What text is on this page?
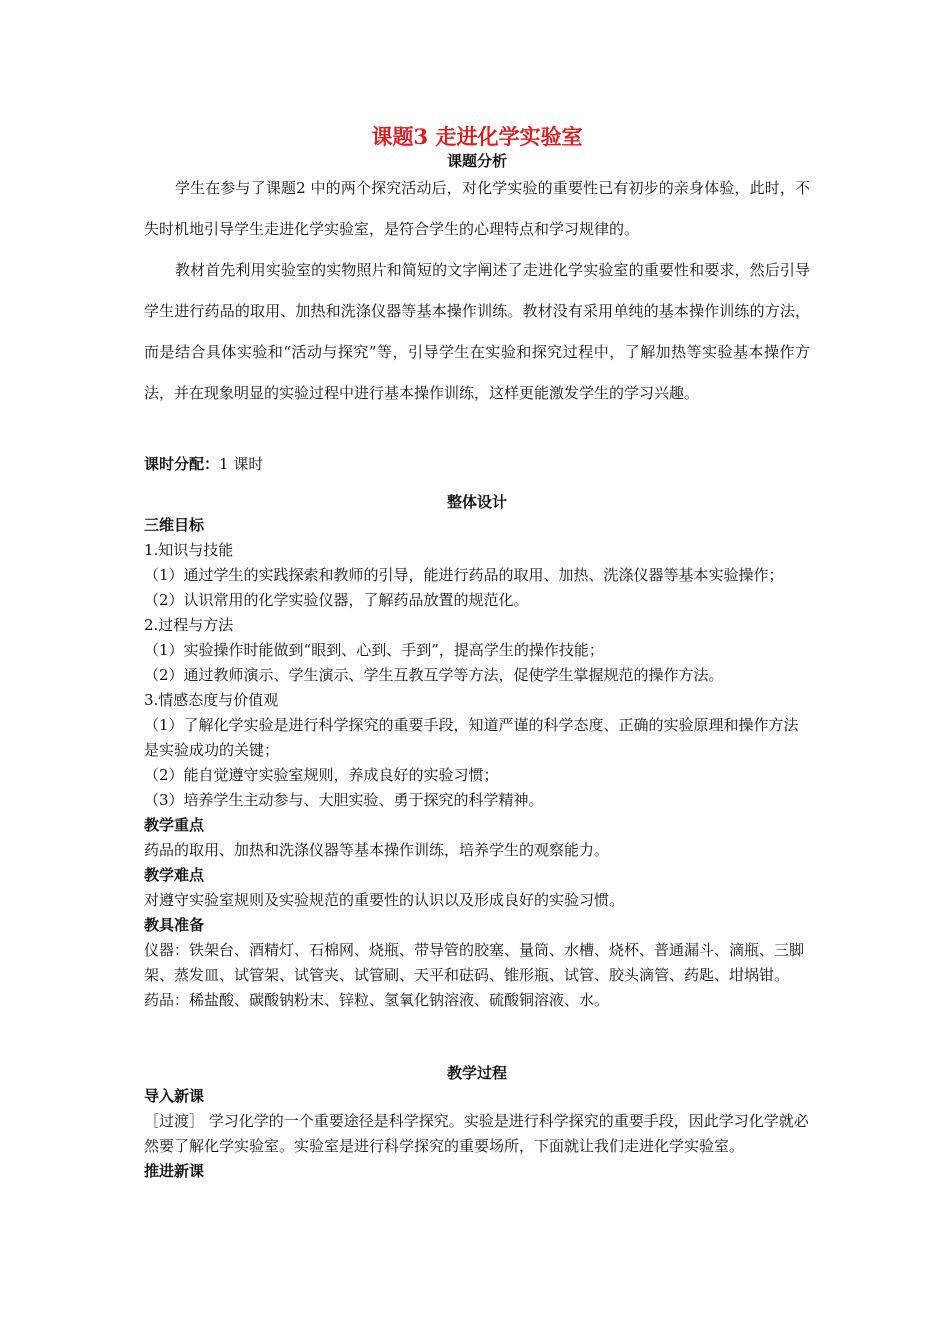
课题3 走进化学实验室
课题分析
学生在参与了课题2 中的两个探究活动后，对化学实验的重要性已有初步的亲身体验，此时，不失时机地引导学生走进化学实验室，是符合学生的心理特点和学习规律的。
教材首先利用实验室的实物照片和简短的文字阐述了走进化学实验室的重要性和要求，然后引导学生进行药品的取用、加热和洗涤仪器等基本操作训练。教材没有采用单纯的基本操作训练的方法，而是结合具体实验和“活动与探究”等，引导学生在实验和探究过程中，了解加热等实验基本操作方法，并在现象明显的实验过程中进行基本操作训练，这样更能激发学生的学习兴趣。

课时分配：1 课时

整体设计

三维目标

1.知识与技能

（1）通过学生的实践探索和教师的引导，能进行药品的取用、加热、洗涤仪器等基本实验操作；

（2）认识常用的化学实验仪器，了解药品放置的规范化。

2.过程与方法

（1）实验操作时能做到“眼到、心到、手到”，提高学生的操作技能；

（2）通过教师演示、学生演示、学生互教互学等方法，促使学生掌握规范的操作方法。

3.情感态度与价值观

（1）了解化学实验是进行科学探究的重要手段，知道严谨的科学态度、正确的实验原理和操作方法是实验成功的关键；

（2）能自觉遵守实验室规则，养成良好的实验习惯；

（3）培养学生主动参与、大胆实验、勇于探究的科学精神。

教学重点

药品的取用、加热和洗涤仪器等基本操作训练，培养学生的观察能力。

教学难点

对遵守实验室规则及实验规范的重要性的认识以及形成良好的实验习惯。

教具准备

仪器：铁架台、酒精灯、石棉网、烧瓶、带导管的胶塞、量筒、水槽、烧杯、普通漏斗、滴瓶、三脚架、蒸发皿、试管架、试管夹、试管刷、天平和砝码、锥形瓶、试管、胶头滴管、药匙、坩埚钳。

药品：稀盐酸、碳酸钠粉末、锌粒、氢氧化钠溶液、硫酸铜溶液、水。

教学过程

导入新课

［过渡］ 学习化学的一个重要途径是科学探究。实验是进行科学探究的重要手段，因此学习化学就必然要了解化学实验室。实验室是进行科学探究的重要场所，下面就让我们走进化学实验室。

推进新课
